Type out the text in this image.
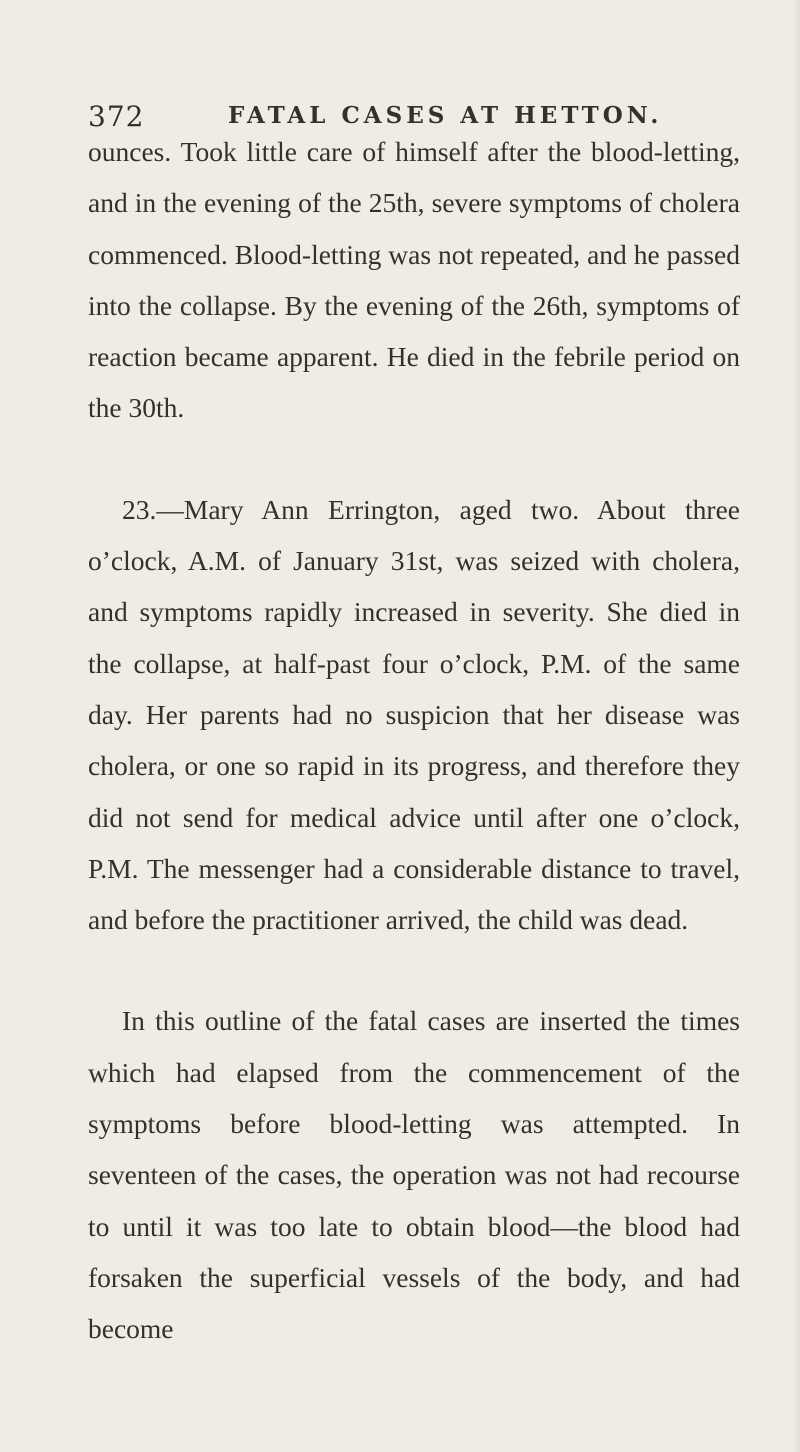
372	FATAL CASES AT HETTON.

ounces. Took little care of himself after the blood-letting, and in the evening of the 25th, severe symptoms of cholera commenced. Blood-letting was not repeated, and he passed into the collapse. By the evening of the 26th, symptoms of reaction became apparent. He died in the febrile period on the 30th.

23.—Mary Ann Errington, aged two. About three o’clock, A.M. of January 31st, was seized with cholera, and symptoms rapidly increased in severity. She died in the collapse, at half-past four o’clock, P.M. of the same day. Her parents had no suspicion that her disease was cholera, or one so rapid in its progress, and therefore they did not send for medical advice until after one o’clock, P.M. The messenger had a considerable distance to travel, and before the practitioner arrived, the child was dead.

In this outline of the fatal cases are inserted the times which had elapsed from the commencement of the symptoms before blood-letting was attempted. In seventeen of the cases, the operation was not had recourse to until it was too late to obtain blood—the blood had forsaken the superficial vessels of the body, and had become
